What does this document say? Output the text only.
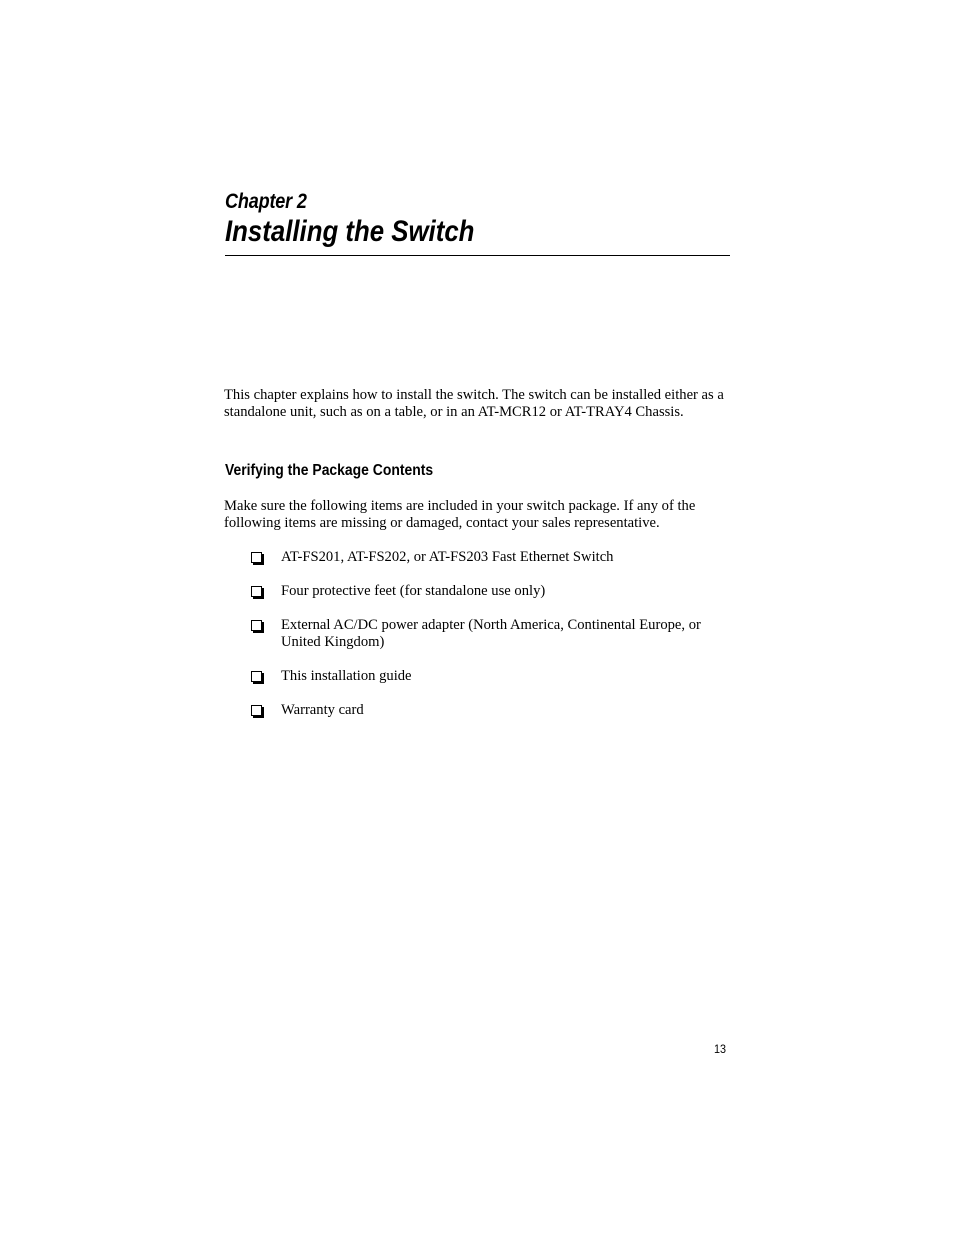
Chapter 2
Installing the Switch
This chapter explains how to install the switch. The switch can be installed either as a standalone unit, such as on a table, or in an AT-MCR12 or AT-TRAY4 Chassis.
Verifying the Package Contents
Make sure the following items are included in your switch package. If any of the following items are missing or damaged, contact your sales representative.
AT-FS201, AT-FS202, or AT-FS203 Fast Ethernet Switch
Four protective feet (for standalone use only)
External AC/DC power adapter (North America, Continental Europe, or United Kingdom)
This installation guide
Warranty card
13
